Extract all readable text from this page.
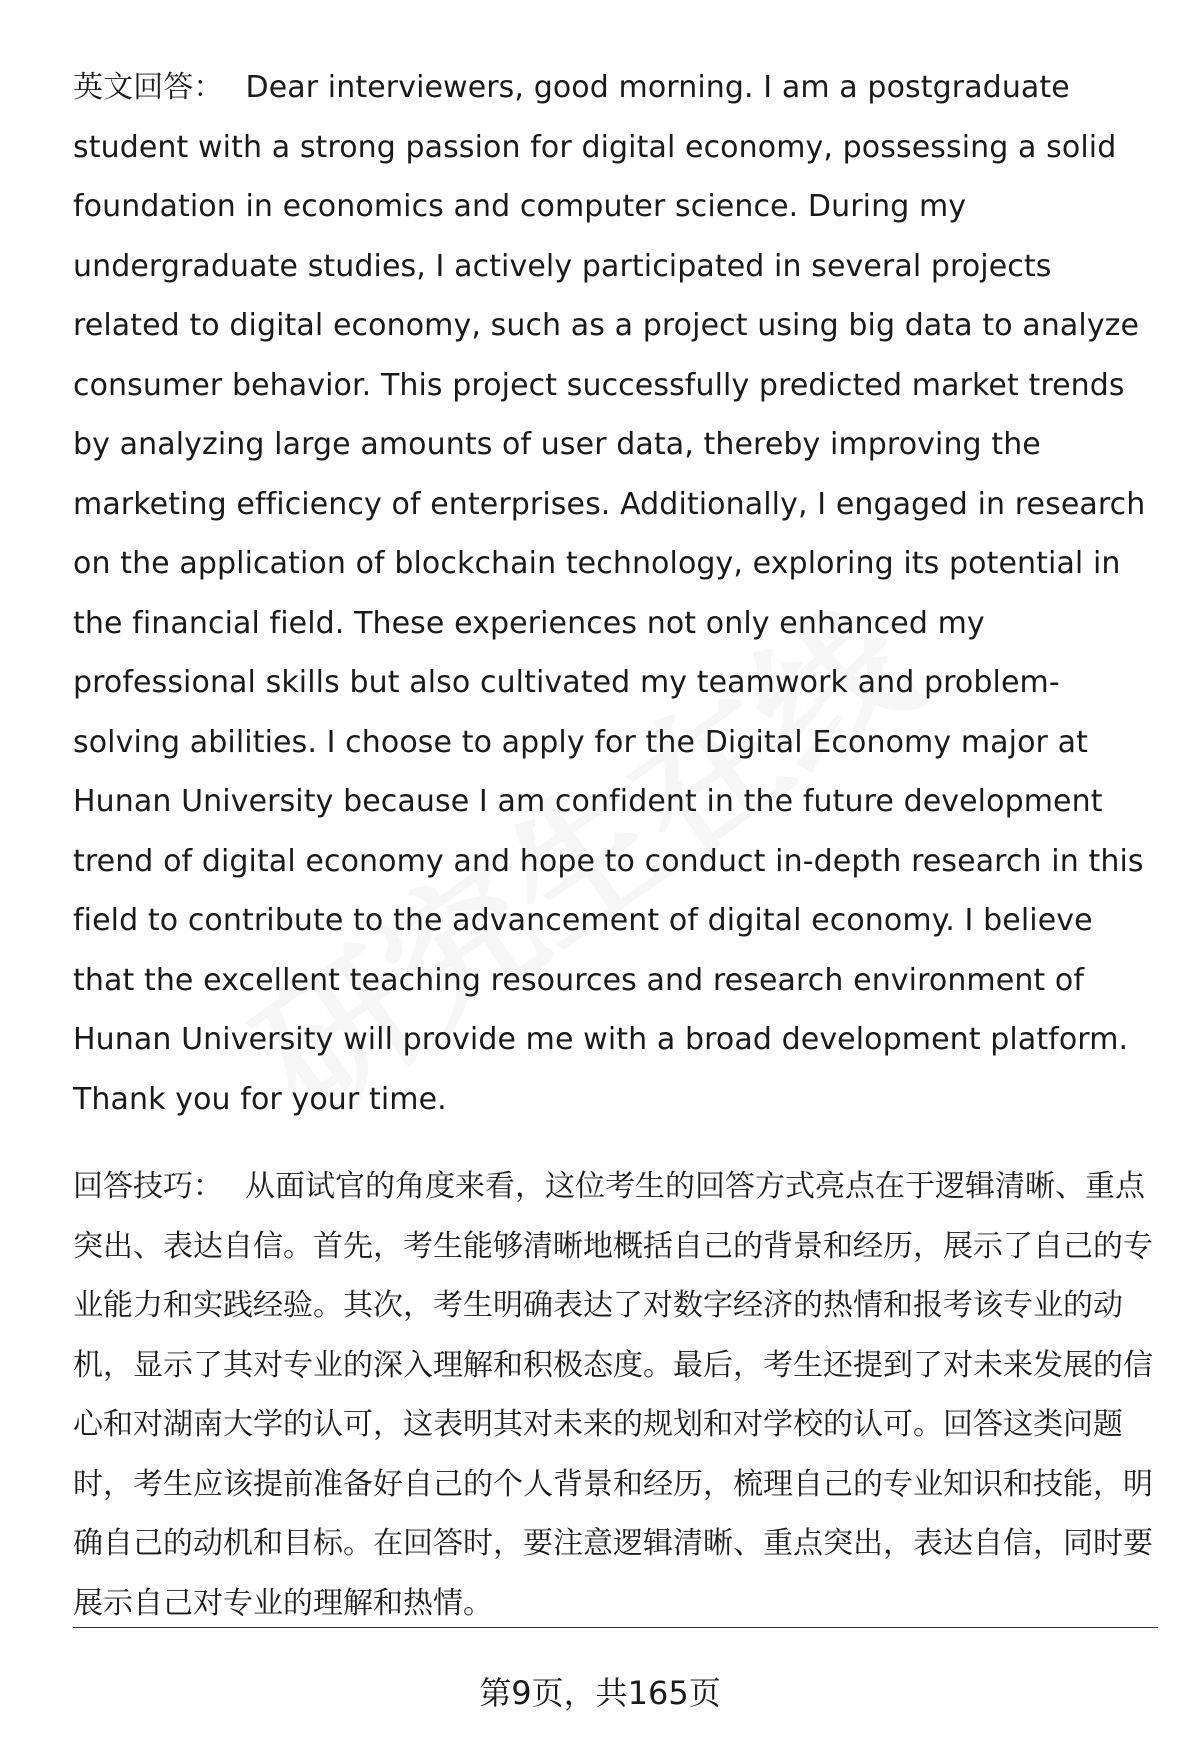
英文回答： Dear interviewers, good morning. I am a postgraduate student with a strong passion for digital economy, possessing a solid foundation in economics and computer science. During my undergraduate studies, I actively participated in several projects related to digital economy, such as a project using big data to analyze consumer behavior. This project successfully predicted market trends by analyzing large amounts of user data, thereby improving the marketing efficiency of enterprises. Additionally, I engaged in research on the application of blockchain technology, exploring its potential in the financial field. These experiences not only enhanced my professional skills but also cultivated my teamwork and problem-solving abilities. I choose to apply for the Digital Economy major at Hunan University because I am confident in the future development trend of digital economy and hope to conduct in-depth research in this field to contribute to the advancement of digital economy. I believe that the excellent teaching resources and research environment of Hunan University will provide me with a broad development platform. Thank you for your time.

回答技巧： 从面试官的角度来看，这位考生的回答方式亮点在于逻辑清晰、重点突出、表达自信。首先，考生能够清晰地概括自己的背景和经历，展示了自己的专业能力和实践经验。其次，考生明确表达了对数字经济的热情和报考该专业的动机，显示了其对专业的深入理解和积极态度。最后，考生还提到了对未来发展的信心和对湖南大学的认可，这表明其对未来的规划和对学校的认可。回答这类问题时，考生应该提前准备好自己的个人背景和经历，梳理自己的专业知识和技能，明确自己的动机和目标。在回答时，要注意逻辑清晰、重点突出，表达自信，同时要展示自己对专业的理解和热情。

第9页，共165页
